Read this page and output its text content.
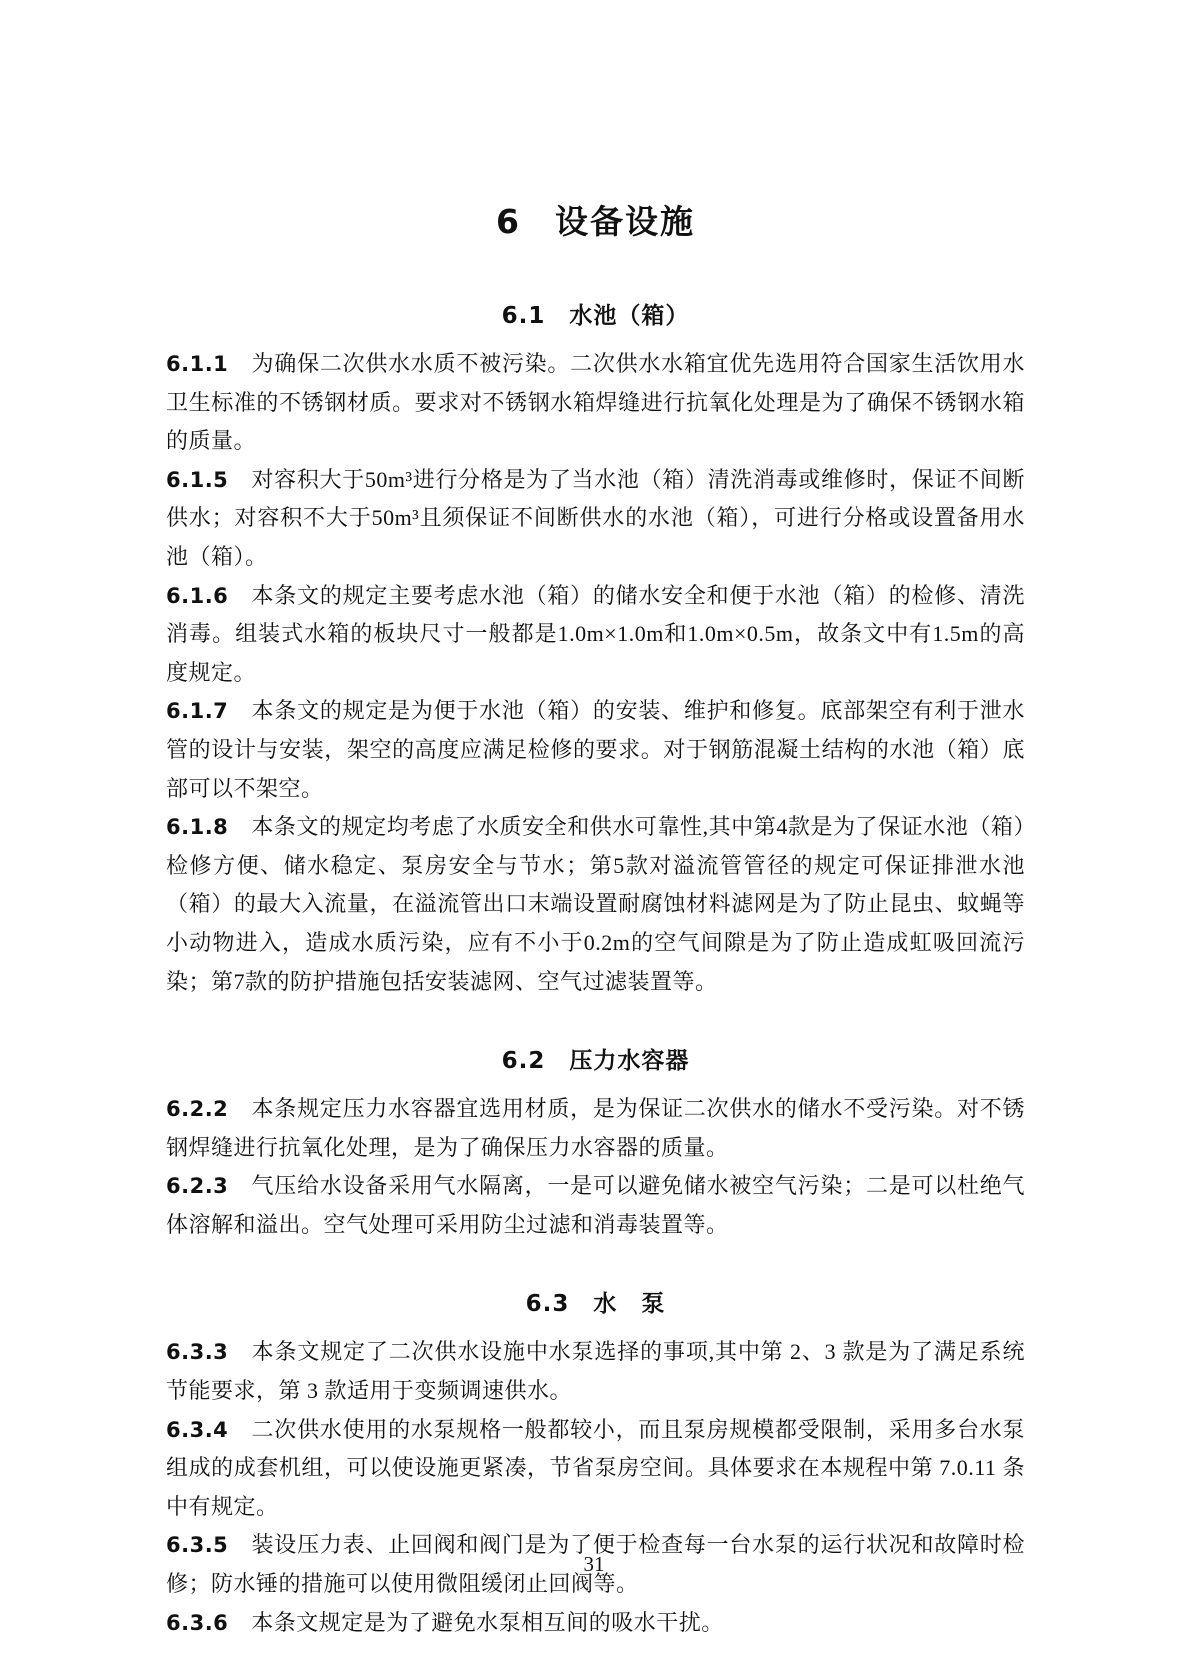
6 设备设施
6.1　水池（箱）

6.1.1 为确保二次供水水质不被污染。二次供水水箱宜优先选用符合国家生活饮用水卫生标准的不锈钢材质。要求对不锈钢水箱焊缝进行抗氧化处理是为了确保不锈钢水箱的质量。

6.1.5 对容积大于50m³进行分格是为了当水池（箱）清洗消毒或维修时，保证不间断供水；对容积不大于50m³且须保证不间断供水的水池（箱），可进行分格或设置备用水池（箱）。

6.1.6 本条文的规定主要考虑水池（箱）的储水安全和便于水池（箱）的检修、清洗消毒。组装式水箱的板块尺寸一般都是1.0m×1.0m和1.0m×0.5m，故条文中有1.5m的高度规定。

6.1.7 本条文的规定是为便于水池（箱）的安装、维护和修复。底部架空有利于泄水管的设计与安装，架空的高度应满足检修的要求。对于钢筋混凝土结构的水池（箱）底部可以不架空。

6.1.8 本条文的规定均考虑了水质安全和供水可靠性,其中第4款是为了保证水池（箱）检修方便、储水稳定、泵房安全与节水；第5款对溢流管管径的规定可保证排泄水池（箱）的最大入流量，在溢流管出口末端设置耐腐蚀材料滤网是为了防止昆虫、蚊蝇等小动物进入，造成水质污染，应有不小于0.2m的空气间隙是为了防止造成虹吸回流污染；第7款的防护措施包括安装滤网、空气过滤装置等。

6.2　压力水容器

6.2.2 本条规定压力水容器宜选用材质，是为保证二次供水的储水不受污染。对不锈钢焊缝进行抗氧化处理，是为了确保压力水容器的质量。

6.2.3 气压给水设备采用气水隔离，一是可以避免储水被空气污染；二是可以杜绝气体溶解和溢出。空气处理可采用防尘过滤和消毒装置等。

6.3　水　泵

6.3.3 本条文规定了二次供水设施中水泵选择的事项,其中第 2、3 款是为了满足系统节能要求，第 3 款适用于变频调速供水。

6.3.4 二次供水使用的水泵规格一般都较小，而且泵房规模都受限制，采用多台水泵组成的成套机组，可以使设施更紧凑，节省泵房空间。具体要求在本规程中第 7.0.11 条中有规定。

6.3.5 装设压力表、止回阀和阀门是为了便于检查每一台水泵的运行状况和故障时检修；防水锤的措施可以使用微阻缓闭止回阀等。

6.3.6 本条文规定是为了避免水泵相互间的吸水干扰。

31
